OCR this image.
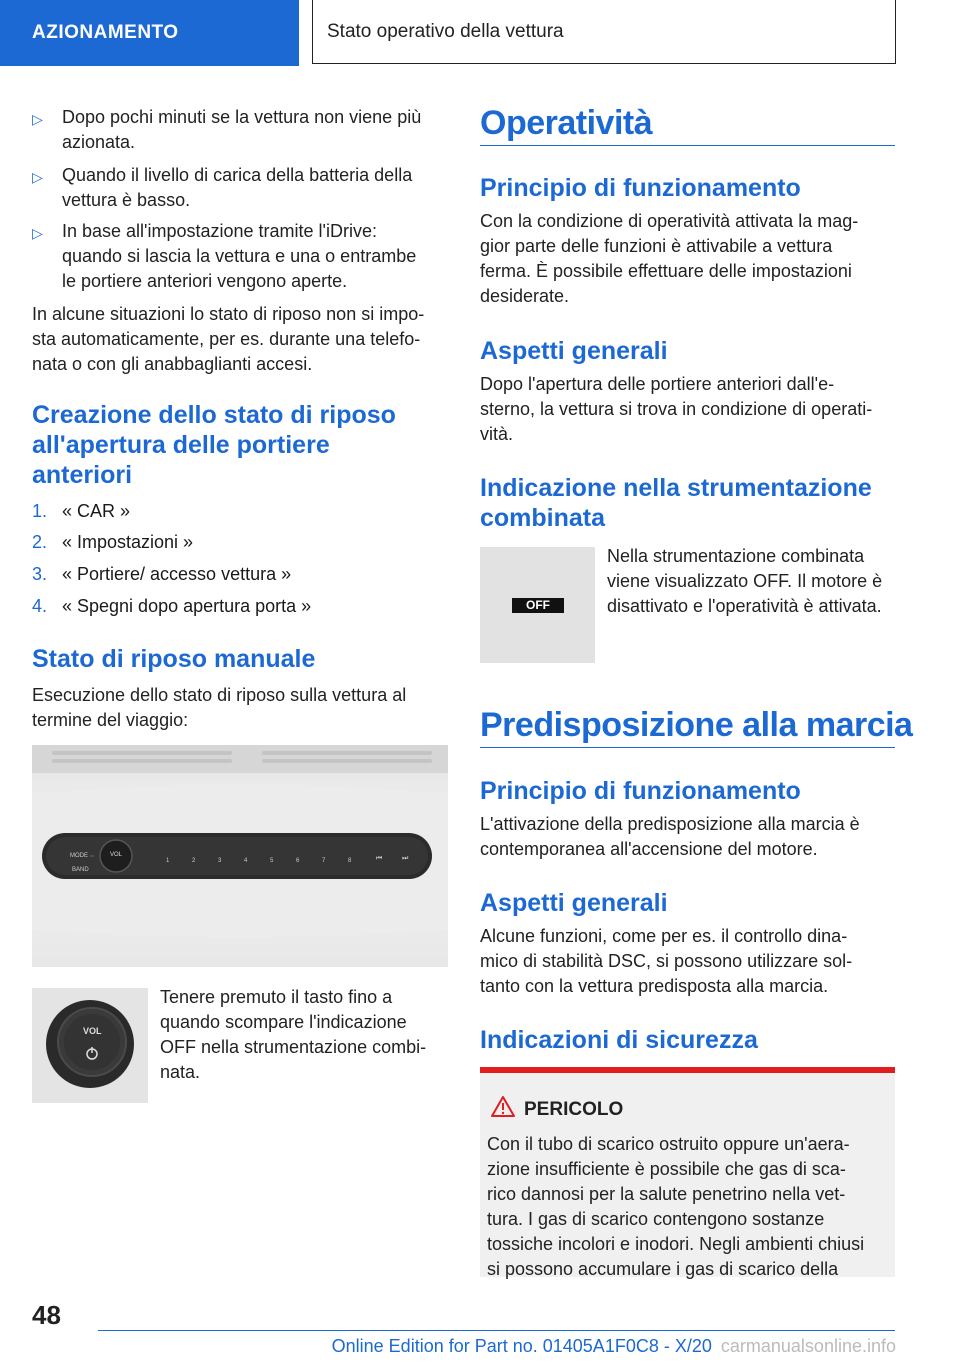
AZIONAMENTO	Stato operativo della vettura
▷ Dopo pochi minuti se la vettura non viene più
azionata.
▷ Quando il livello di carica della batteria della
vettura è basso.
▷ In base all'impostazione tramite l'iDrive:
quando si lascia la vettura e una o entrambe
le portiere anteriori vengono aperte.
In alcune situazioni lo stato di riposo non si impo-
sta automaticamente, per es. durante una telefo-
nata o con gli anabbaglianti accesi.
Creazione dello stato di riposo
all'apertura delle portiere
anteriori
1. « CAR »
2. « Impostazioni »
3. « Portiere/ accesso vettura »
4. « Spegni dopo apertura porta »
Stato di riposo manuale
Esecuzione dello stato di riposo sulla vettura al
termine del viaggio:
MODE
BAND
VOL
1	2	3	4	5	6	7	8	⏮	⏭
VOL
Tenere premuto il tasto fino a
quando scompare l'indicazione
OFF nella strumentazione combi-
nata.
Operatività
Principio di funzionamento
Con la condizione di operatività attivata la mag-
gior parte delle funzioni è attivabile a vettura
ferma. È possibile effettuare delle impostazioni
desiderate.
Aspetti generali
Dopo l'apertura delle portiere anteriori dall'e-
sterno, la vettura si trova in condizione di operati-
vità.
Indicazione nella strumentazione
combinata
OFF
Nella strumentazione combinata
viene visualizzato OFF. Il motore è
disattivato e l'operatività è attivata.
Predisposizione alla marcia
Principio di funzionamento
L'attivazione della predisposizione alla marcia è
contemporanea all'accensione del motore.
Aspetti generali
Alcune funzioni, come per es. il controllo dina-
mico di stabilità DSC, si possono utilizzare sol-
tanto con la vettura predisposta alla marcia.
Indicazioni di sicurezza
PERICOLO
Con il tubo di scarico ostruito oppure un'aera-
zione insufficiente è possibile che gas di sca-
rico dannosi per la salute penetrino nella vet-
tura. I gas di scarico contengono sostanze
tossiche incolori e inodori. Negli ambienti chiusi
si possono accumulare i gas di scarico della
48
Online Edition for Part no. 01405A1F0C8 - X/20 carmanualsonline.info
